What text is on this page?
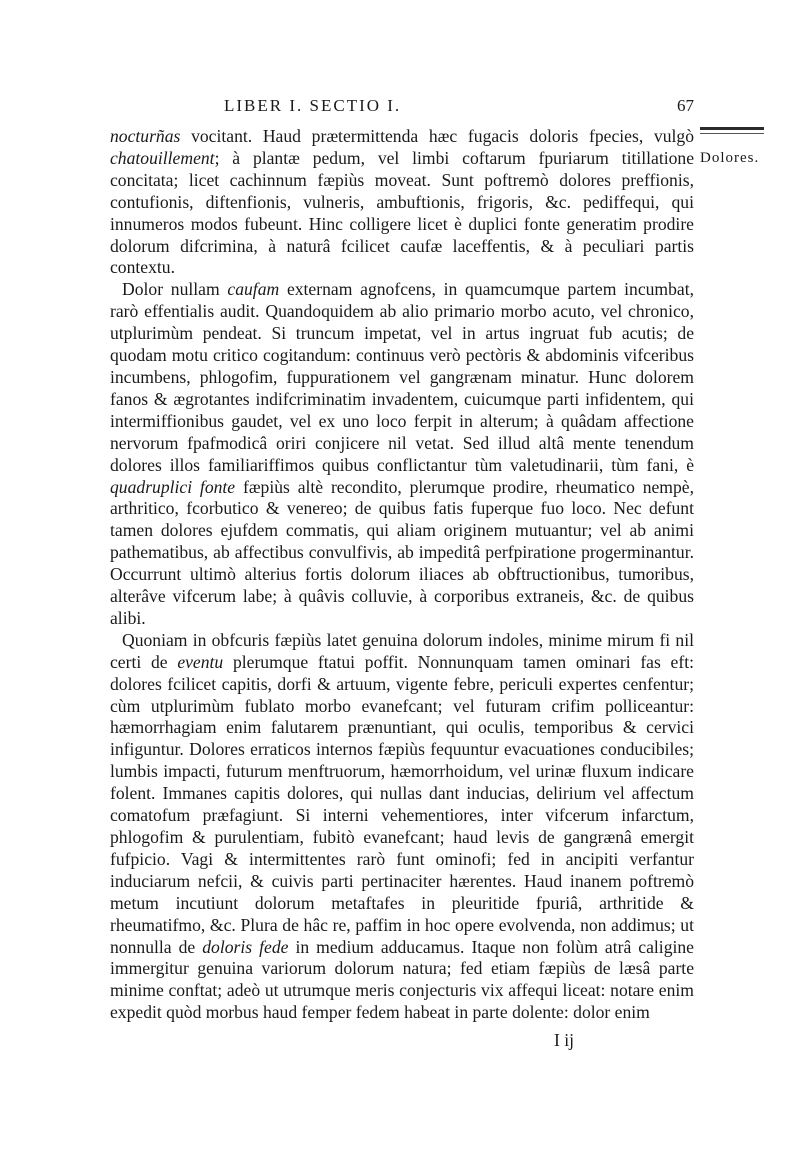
LIBER I. SECTIO I.	67
Dolores.

nocturñas vocitant. Haud prætermittenda hæc fugacis doloris fpecies, vulgò chatouillement; à plantæ pedum, vel limbi coftarum fpuriarum titillatione concitata; licet cachinnum fæpiùs moveat. Sunt poftremò dolores preffionis, contufionis, diftenfionis, vulneris, ambuftionis, frigoris, &c. pediffequi, qui innumeros modos fubeunt. Hinc colligere licet è duplici fonte generatim prodire dolorum difcrimina, à naturâ fcilicet caufæ laceffentis, & à peculiari partis contextu.

Dolor nullam caufam externam agnofcens, in quamcumque partem incumbat, rarò effentialis audit. Quandoquidem ab alio primario morbo acuto, vel chronico, utplurimùm pendeat. Si truncum impetat, vel in artus ingruat fub acutis; de quodam motu critico cogitandum: continuus verò pectòris & abdominis vifceribus incumbens, phlogofim, fuppurationem vel gangrænam minatur. Hunc dolorem fanos & ægrotantes indifcriminatim invadentem, cuicumque parti infidentem, qui intermiffionibus gaudet, vel ex uno loco ferpit in alterum; à quâdam affectione nervorum fpafmodicâ oriri conjicere nil vetat. Sed illud altâ mente tenendum dolores illos familiariffimos quibus conflictantur tùm valetudinarii, tùm fani, è quadruplici fonte fæpiùs altè recondito, plerumque prodire, rheumatico nempè, arthritico, fcorbutico & venereo; de quibus fatis fuperque fuo loco. Nec defunt tamen dolores ejufdem commatis, qui aliam originem mutuantur; vel ab animi pathematibus, ab affectibus convulfivis, ab impeditâ perfpiratione progerminantur. Occurrunt ultimò alterius fortis dolorum iliaces ab obftructionibus, tumoribus, alterâve vifcerum labe; à quâvis colluvie, à corporibus extraneis, &c. de quibus alibi.

Quoniam in obfcuris fæpiùs latet genuina dolorum indoles, minime mirum fi nil certi de eventu plerumque ftatui poffit. Nonnunquam tamen ominari fas eft: dolores fcilicet capitis, dorfi & artuum, vigente febre, periculi expertes cenfentur; cùm utplurimùm fublato morbo evanefcant; vel futuram crifim polliceantur: hæmorrhagiam enim falutarem prænuntiant, qui oculis, temporibus & cervici infiguntur. Dolores erraticos internos fæpiùs fequuntur evacuationes conducibiles; lumbis impacti, futurum menftruorum, hæmorrhoidum, vel urinæ fluxum indicare folent. Immanes capitis dolores, qui nullas dant inducias, delirium vel affectum comatofum præfagiunt. Si interni vehementiores, inter vifcerum infarctum, phlogofim & purulentiam, fubitò evanefcant; haud levis de gangrænâ emergit fufpicio. Vagi & intermittentes rarò funt ominofi; fed in ancipiti verfantur induciarum nefcii, & cuivis parti pertinaciter hærentes. Haud inanem poftremò metum incutiunt dolorum metaftafes in pleuritide fpuriâ, arthritide & rheumatifmo, &c. Plura de hâc re, paffim in hoc opere evolvenda, non addimus; ut nonnulla de doloris fede in medium adducamus. Itaque non folùm atrâ caligine immergitur genuina variorum dolorum natura; fed etiam fæpiùs de læsâ parte minime conftat; adeò ut utrumque meris conjecturis vix affequi liceat: notare enim expedit quòd morbus haud femper fedem habeat in parte dolente: dolor enim

I ij
